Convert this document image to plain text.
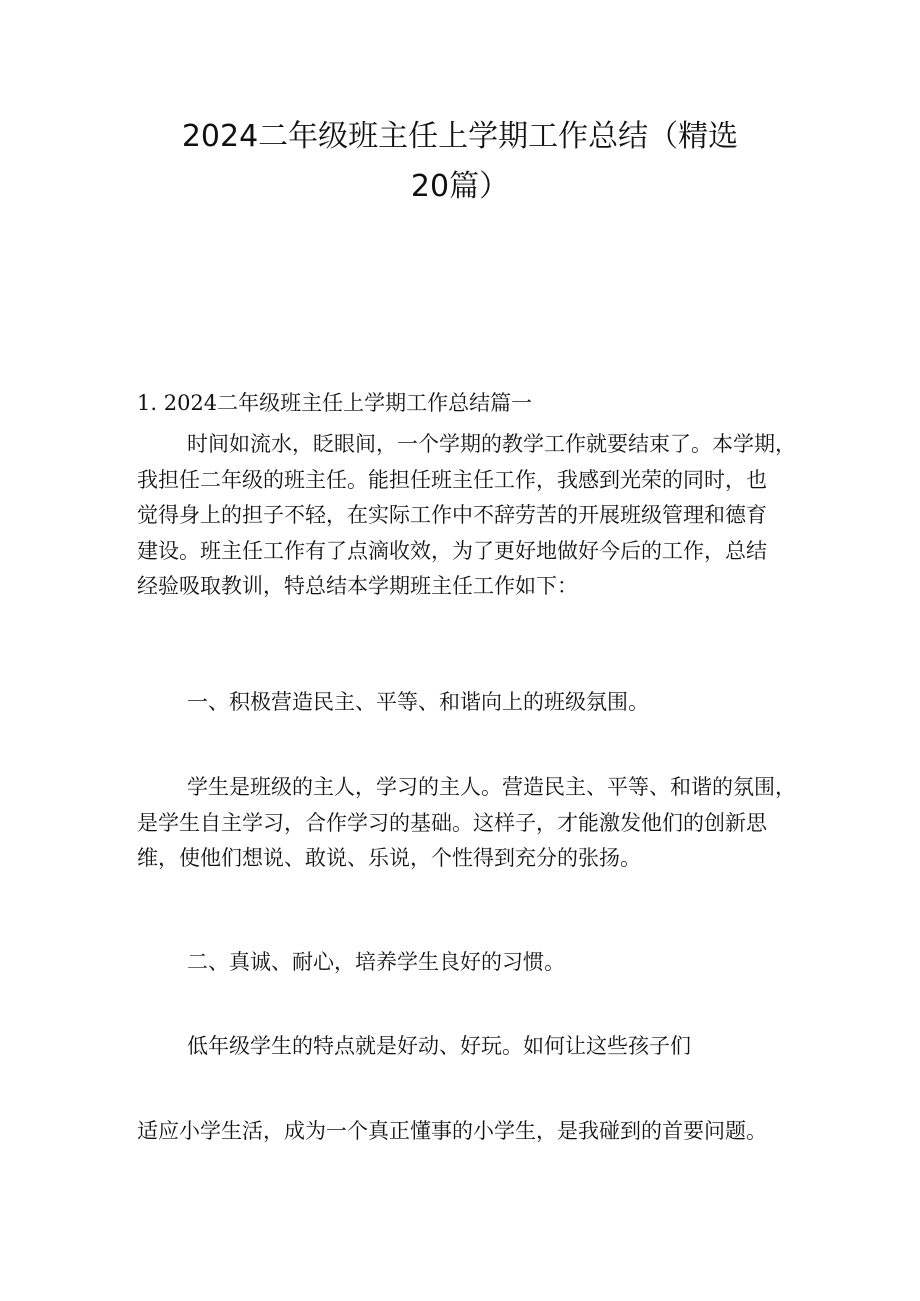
2024二年级班主任上学期工作总结（精选
20篇）

1. 2024二年级班主任上学期工作总结篇一

时间如流水，眨眼间，一个学期的教学工作就要结束了。本学期，
我担任二年级的班主任。能担任班主任工作，我感到光荣的同时，也
觉得身上的担子不轻，在实际工作中不辞劳苦的开展班级管理和德育
建设。班主任工作有了点滴收效，为了更好地做好今后的工作，总结
经验吸取教训，特总结本学期班主任工作如下：

一、积极营造民主、平等、和谐向上的班级氛围。

学生是班级的主人，学习的主人。营造民主、平等、和谐的氛围，
是学生自主学习，合作学习的基础。这样子，才能激发他们的创新思
维，使他们想说、敢说、乐说，个性得到充分的张扬。

二、真诚、耐心，培养学生良好的习惯。

低年级学生的特点就是好动、好玩。如何让这些孩子们

适应小学生活，成为一个真正懂事的小学生，是我碰到的首要问题。
